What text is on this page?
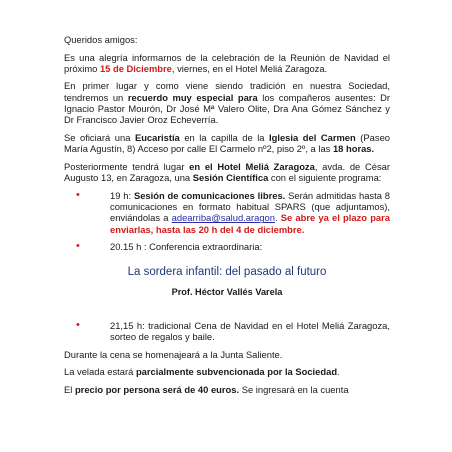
Queridos amigos:

Es una alegría informarnos de la celebración de la Reunión de Navidad el próximo 15 de Diciembre, viernes, en el Hotel Meliá Zaragoza.

En primer lugar y como viene siendo tradición en nuestra Sociedad, tendremos un recuerdo muy especial para los compañeros ausentes: Dr Ignacio Pastor Mourón, Dr José Mª Valero Olite, Dra Ana Gómez Sánchez y Dr Francisco Javier Oroz Echeverría.

Se oficiará una Eucaristía en la capilla de la Iglesia del Carmen (Paseo María Agustín, 8) Acceso por calle El Carmelo nº2, piso 2º, a las 18 horas.

Posteriormente tendrá lugar en el Hotel Meliá Zaragoza, avda. de César Augusto 13, en Zaragoza, una Sesión Científica con el siguiente programa:

•	19 h: Sesión de comunicaciones libres. Serán admitidas hasta 8 comunicaciones en formato habitual SPARS (que adjuntamos), enviándolas a adearriba@salud.aragon. Se abre ya el plazo para enviarlas, hasta las 20 h del 4 de diciembre.
•	20.15 h : Conferencia extraordinaria:
La sordera infantil: del pasado al futuro
Prof. Héctor Vallés Varela
•	21,15 h: tradicional Cena de Navidad en el Hotel Meliá Zaragoza, sorteo de regalos y baile.

Durante la cena se homenajeará a la Junta Saliente.

La velada estará parcialmente subvencionada por la Sociedad.

El precio por persona será de 40 euros. Se ingresará en la cuenta
